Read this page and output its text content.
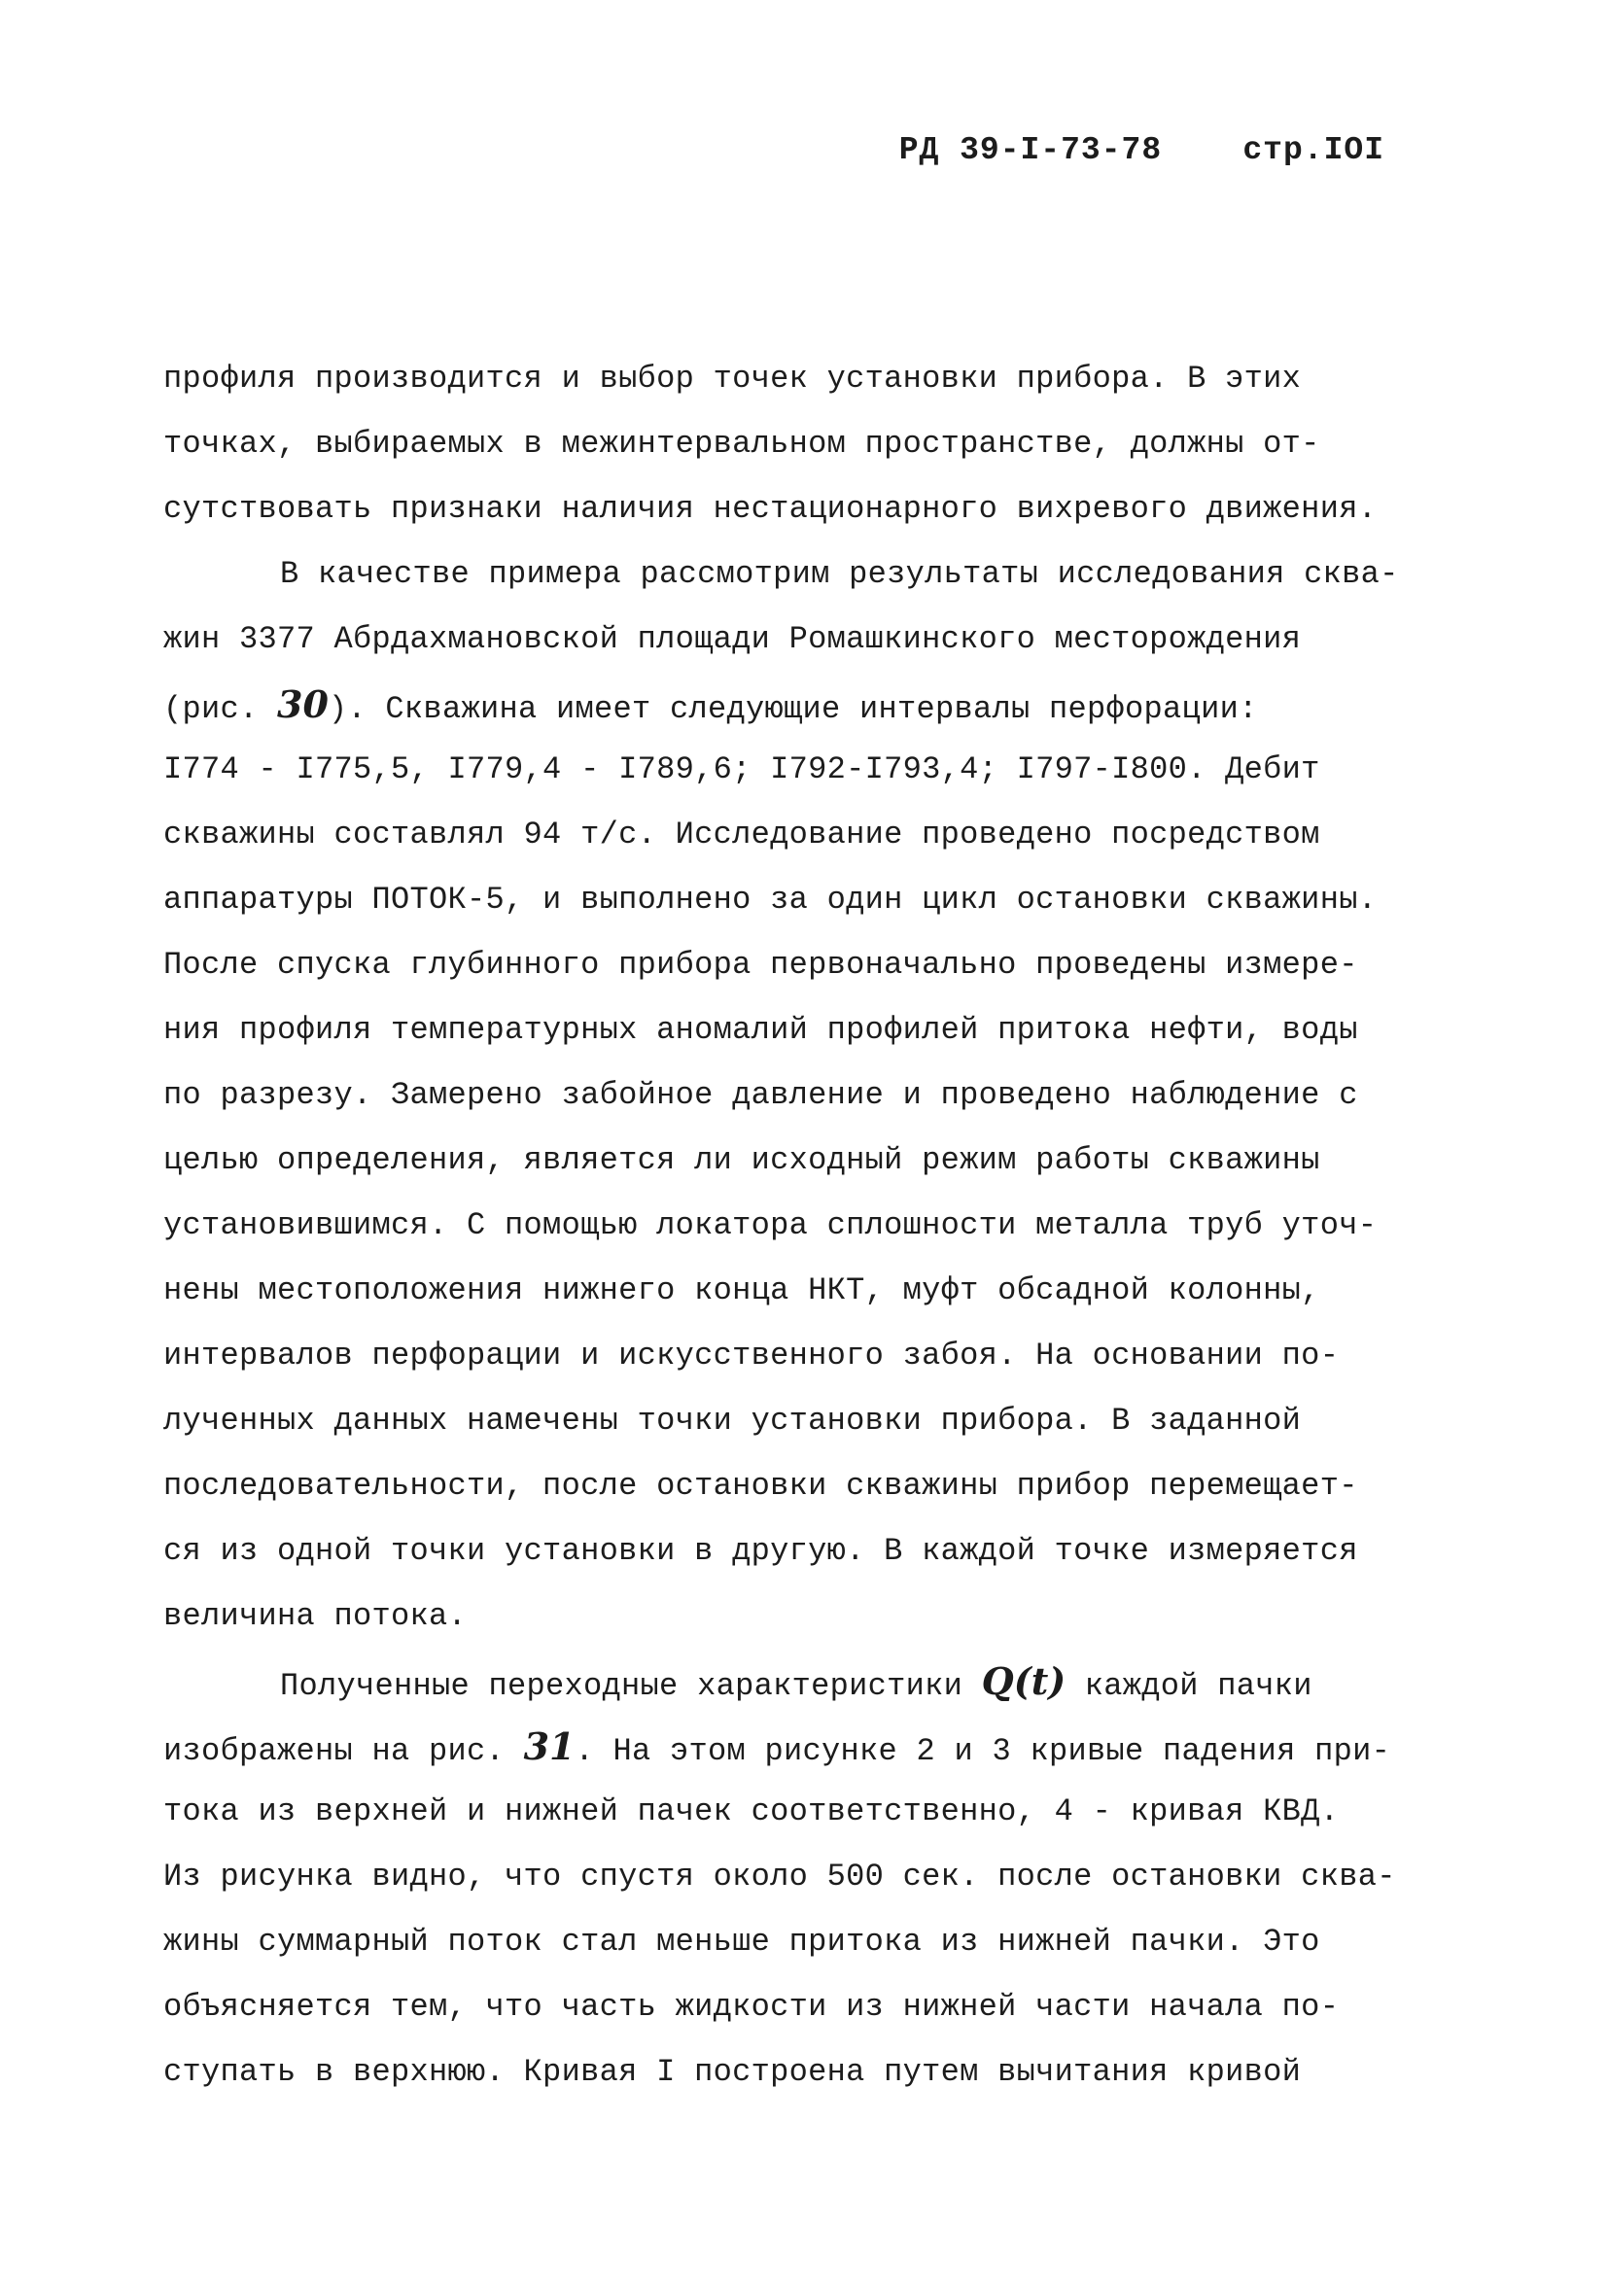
РД 39-I-73-78	стр.IOI
профиля производится и выбор точек установки прибора. В этих
точках, выбираемых в межинтервальном пространстве, должны от-
сутствовать признаки наличия нестационарного вихревого движения.
В качестве примера рассмотрим результаты исследования сква-
жин 3377 Абрдахмановской площади Ромашкинского месторождения
(рис. 30). Скважина имеет следующие интервалы перфорации:
I774 - I775,5, I779,4 - I789,6; I792-I793,4; I797-I800. Дебит
скважины составлял 94 т/с. Исследование проведено посредством
аппаратуры ПОТОК-5, и выполнено за один цикл остановки скважины.
После спуска глубинного прибора первоначально проведены измере-
ния профиля температурных аномалий профилей притока нефти, воды
по разрезу. Замерено забойное давление и проведено наблюдение с
целью определения, является ли исходный режим работы скважины
установившимся. С помощью локатора сплошности металла труб уточ-
нены местоположения нижнего конца НКТ, муфт обсадной колонны,
интервалов перфорации и искусственного забоя. На основании по-
лученных данных намечены точки установки прибора. В заданной
последовательности, после остановки скважины прибор перемещает-
ся из одной точки установки в другую. В каждой точке измеряется
величина потока.
Полученные переходные характеристики Q(t) каждой пачки
изображены на рис. 31. На этом рисунке 2 и 3 кривые падения при-
тока из верхней и нижней пачек соответственно, 4 - кривая КВД.
Из рисунка видно, что спустя около 500 сек. после остановки сква-
жины суммарный поток стал меньше притока из нижней пачки. Это
объясняется тем, что часть жидкости из нижней части начала по-
ступать в верхнюю. Кривая I построена путем вычитания кривой
